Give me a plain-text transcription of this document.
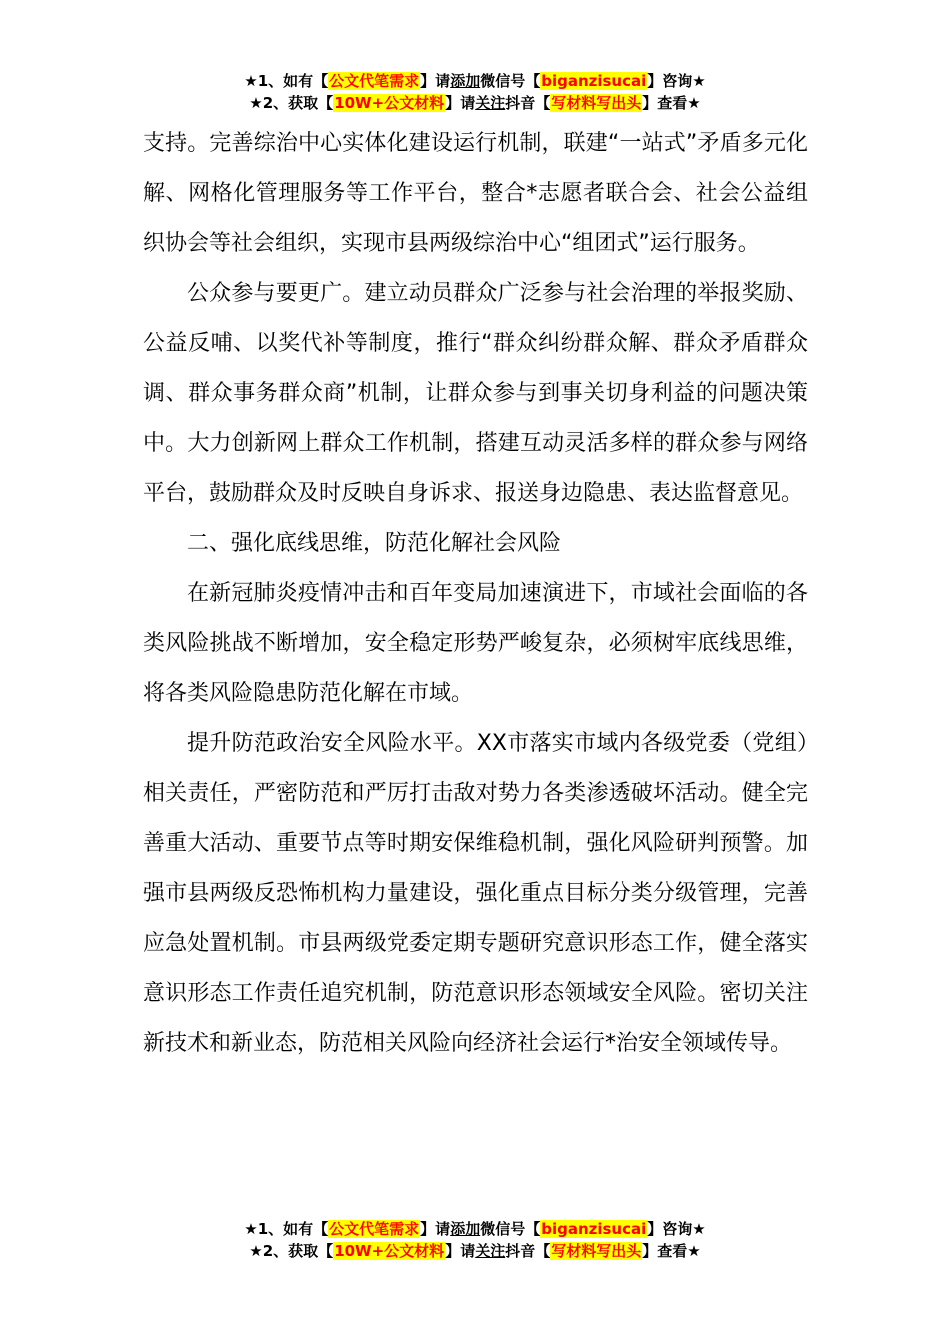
★1、如有【公文代笔需求】请添加微信号【biganzisucai】咨询★
★2、获取【10W+公文材料】请关注抖音【写材料写出头】查看★

支持。完善综治中心实体化建设运行机制，联建“一站式”矛盾多元化解、网格化管理服务等工作平台，整合*志愿者联合会、社会公益组织协会等社会组织，实现市县两级综治中心“组团式”运行服务。

公众参与要更广。建立动员群众广泛参与社会治理的举报奖励、公益反哺、以奖代补等制度，推行“群众纠纷群众解、群众矛盾群众调、群众事务群众商”机制，让群众参与到事关切身利益的问题决策中。大力创新网上群众工作机制，搭建互动灵活多样的群众参与网络平台，鼓励群众及时反映自身诉求、报送身边隐患、表达监督意见。

二、强化底线思维，防范化解社会风险

在新冠肺炎疫情冲击和百年变局加速演进下，市域社会面临的各类风险挑战不断增加，安全稳定形势严峻复杂，必须树牢底线思维，将各类风险隐患防范化解在市域。

提升防范政治安全风险水平。XX市落实市域内各级党委（党组）相关责任，严密防范和严厉打击敌对势力各类渗透破坏活动。健全完善重大活动、重要节点等时期安保维稳机制，强化风险研判预警。加强市县两级反恐怖机构力量建设，强化重点目标分类分级管理，完善应急处置机制。市县两级党委定期专题研究意识形态工作，健全落实意识形态工作责任追究机制，防范意识形态领域安全风险。密切关注新技术和新业态，防范相关风险向经济社会运行*治安全领域传导。

★1、如有【公文代笔需求】请添加微信号【biganzisucai】咨询★
★2、获取【10W+公文材料】请关注抖音【写材料写出头】查看★
